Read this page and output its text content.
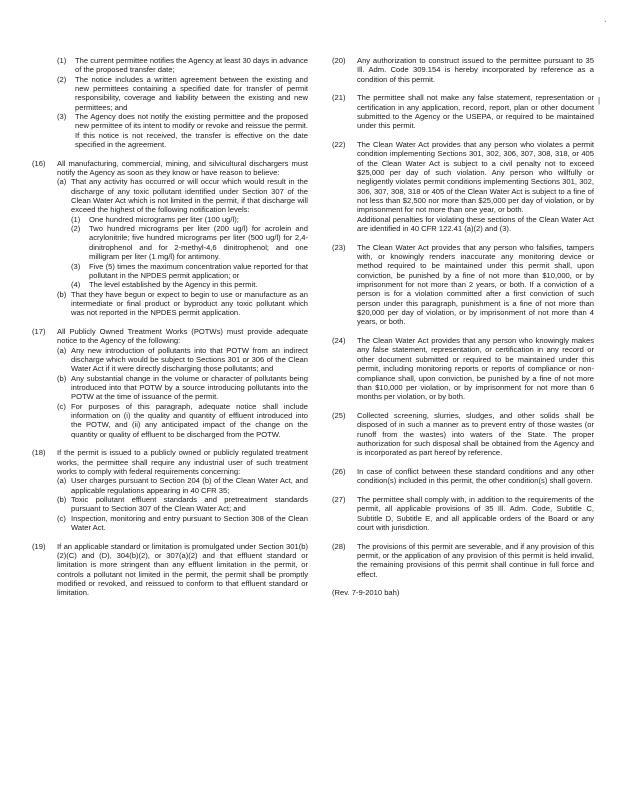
(1)	The current permittee notifies the Agency at least 30 days in advance of the proposed transfer date;
(2)	The notice includes a written agreement between the existing and new permittees containing a specified date for transfer of permit responsibility, coverage and liability between the existing and new permittees; and
(3)	The Agency does not notify the existing permittee and the proposed new permittee of its intent to modify or revoke and reissue the permit. If this notice is not received, the transfer is effective on the date specified in the agreement.
(16)	All manufacturing, commercial, mining, and silvicultural dischargers must notify the Agency as soon as they know or have reason to believe:

(a) That any activity has occurred or will occur which would result in the discharge of any toxic pollutant identified under Section 307 of the Clean Water Act which is not limited in the permit, if that discharge will exceed the highest of the following notification levels:

(1)	One hundred micrograms per liter (100 ug/l);
(2)	Two hundred micrograms per liter (200 ug/l) for acrolein and acrylonitrile; five hundred micrograms per liter (500 ug/l) for 2,4-dinitrophenol and for 2-methyl-4,6 dinitrophenol; and one milligram per liter (1 mg/l) for antimony.
(3)	Five (5) times the maximum concentration value reported for that pollutant in the NPDES permit application; or
(4)	The level established by the Agency in this permit.
(b) That they have begun or expect to begin to use or manufacture as an intermediate or final product or byproduct any toxic pollutant which was not reported in the NPDES permit application.
(17)	All Publicly Owned Treatment Works (POTWs) must provide adequate notice to the Agency of the following:

(a) Any new introduction of pollutants into that POTW from an indirect discharge which would be subject to Sections 301 or 306 of the Clean Water Act if it were directly discharging those pollutants; and
(b) Any substantial change in the volume or character of pollutants being introduced into that POTW by a source introducing pollutants into the POTW at the time of issuance of the permit.
(c) For purposes of this paragraph, adequate notice shall include information on (i) the quality and quantity of effluent introduced into the POTW, and (ii) any anticipated impact of the change on the quantity or quality of effluent to be discharged from the POTW.
(18)	If the permit is issued to a publicly owned or publicly regulated treatment works, the permittee shall require any industrial user of such treatment works to comply with federal requirements concerning:

(a) User charges pursuant to Section 204 (b) of the Clean Water Act, and applicable regulations appearing in 40 CFR 35;
(b) Toxic pollutant effluent standards and pretreatment standards pursuant to Section 307 of the Clean Water Act; and
(c) Inspection, monitoring and entry pursuant to Section 308 of the Clean Water Act.
(19)	If an applicable standard or limitation is promulgated under Section 301(b)(2)(C) and (D), 304(b)(2), or 307(a)(2) and that effluent standard or limitation is more stringent than any effluent limitation in the permit, or controls a pollutant not limited in the permit, the permit shall be promptly modified or revoked, and reissued to conform to that effluent standard or limitation.

(20)	Any authorization to construct issued to the permittee pursuant to 35 Ill. Adm. Code 309.154 is hereby incorporated by reference as a condition of this permit.

(21)	The permittee shall not make any false statement, representation or certification in any application, record, report, plan or other document submitted to the Agency or the USEPA, or required to be maintained under this permit.

(22)	The Clean Water Act provides that any person who violates a permit condition implementing Sections 301, 302, 306, 307, 308, 318, or 405 of the Clean Water Act is subject to a civil penalty not to exceed $25,000 per day of such violation. Any person who willfully or negligently violates permit conditions implementing Sections 301, 302, 306, 307, 308, 318 or 405 of the Clean Water Act is subject to a fine of not less than $2,500 nor more than $25,000 per day of violation, or by imprisonment for not more than one year, or both.

Additional penalties for violating these sections of the Clean Water Act are identified in 40 CFR 122.41 (a)(2) and (3).

(23)	The Clean Water Act provides that any person who falsifies, tampers with, or knowingly renders inaccurate any monitoring device or method required to be maintained under this permit shall, upon conviction, be punished by a fine of not more than $10,000, or by imprisonment for not more than 2 years, or both. If a conviction of a person is for a violation committed after a first conviction of such person under this paragraph, punishment is a fine of not more than $20,000 per day of violation, or by imprisonment of not more than 4 years, or both.

(24)	The Clean Water Act provides that any person who knowingly makes any false statement, representation, or certification in any record or other document submitted or required to be maintained under this permit, including monitoring reports or reports of compliance or non-compliance shall, upon conviction, be punished by a fine of not more than $10,000 per violation, or by imprisonment for not more than 6 months per violation, or by both.

(25)	Collected screening, slurries, sludges, and other solids shall be disposed of in such a manner as to prevent entry of those wastes (or runoff from the wastes) into waters of the State. The proper authorization for such disposal shall be obtained from the Agency and is incorporated as part hereof by reference.

(26)	In case of conflict between these standard conditions and any other condition(s) included in this permit, the other condition(s) shall govern.

(27)	The permittee shall comply with, in addition to the requirements of the permit, all applicable provisions of 35 Ill. Adm. Code, Subtitle C, Subtitle D, Subtitle E, and all applicable orders of the Board or any court with jurisdiction.

(28)	The provisions of this permit are severable, and if any provision of this permit, or the application of any provision of this permit is held invalid, the remaining provisions of this permit shall continue in full force and effect.

(Rev. 7-9-2010 bah)

`
|
